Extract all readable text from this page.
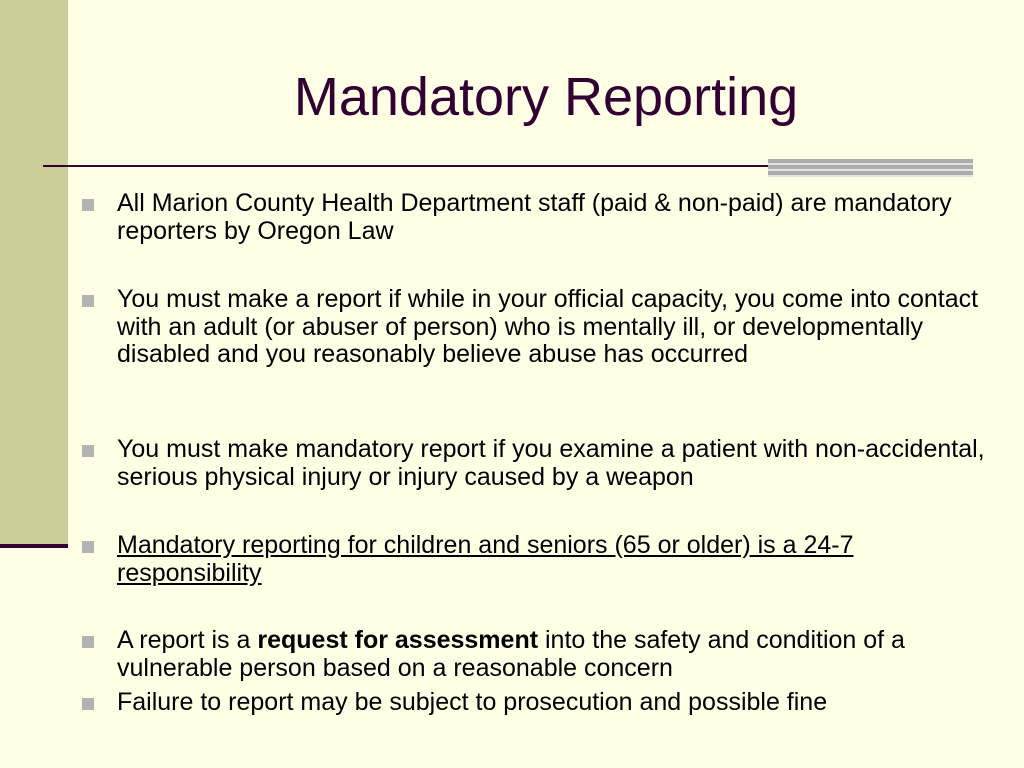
Mandatory Reporting
All Marion County Health Department staff (paid & non-paid) are mandatory reporters by Oregon Law
You must make a report if while in your official capacity, you come into contact with an adult (or abuser of person) who is mentally ill, or developmentally disabled and you reasonably believe abuse has occurred
You must make mandatory report if you examine a patient with non-accidental, serious physical injury or injury caused by a weapon
Mandatory reporting for children and seniors (65 or older) is a 24-7 responsibility
A report is a request for assessment into the safety and condition of a vulnerable person based on a reasonable concern
Failure to report may be subject to prosecution and possible fine
